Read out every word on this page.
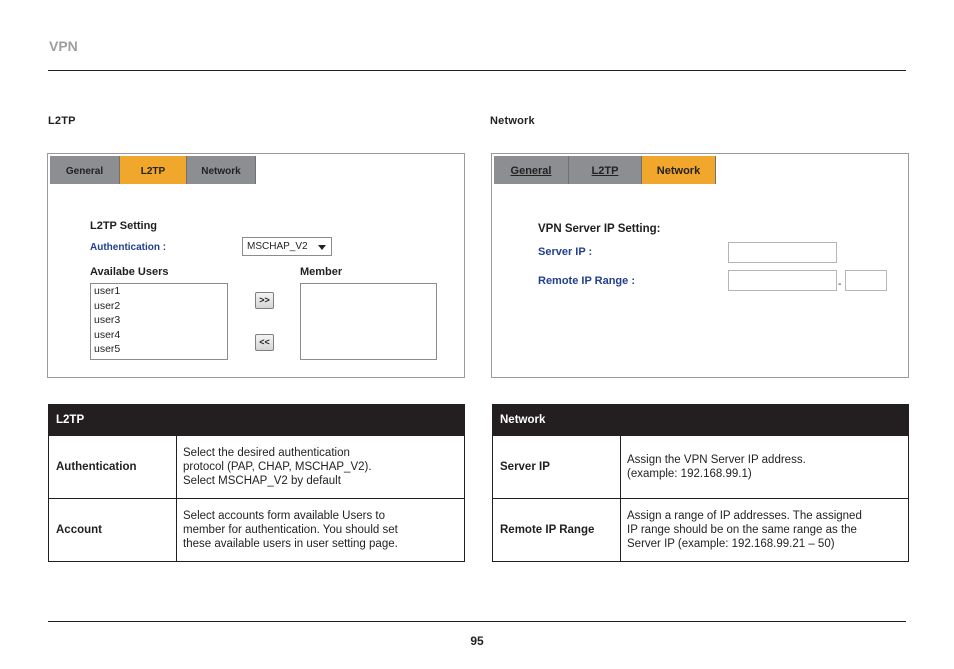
VPN
L2TP	Network
General	L2TP	Network
L2TP Setting
Authentication :	MSCHAP_V2
Availabe Users	Member
user1
user2
user3
user4
user5
>>
<<
General	L2TP	Network
VPN Server IP Setting:
Server IP :
Remote IP Range :	-
L2TP	
Authentication	Select the desired authentication
protocol (PAP, CHAP, MSCHAP_V2).
Select MSCHAP_V2 by default

Account	Select accounts form available Users to
member for authentication. You should set
these available users in user setting page.
Network	
Server IP	Assign the VPN Server IP address.
(example: 192.168.99.1)

Remote IP Range	Assign a range of IP addresses. The assigned
IP range should be on the same range as the
Server IP (example: 192.168.99.21 – 50)
95
